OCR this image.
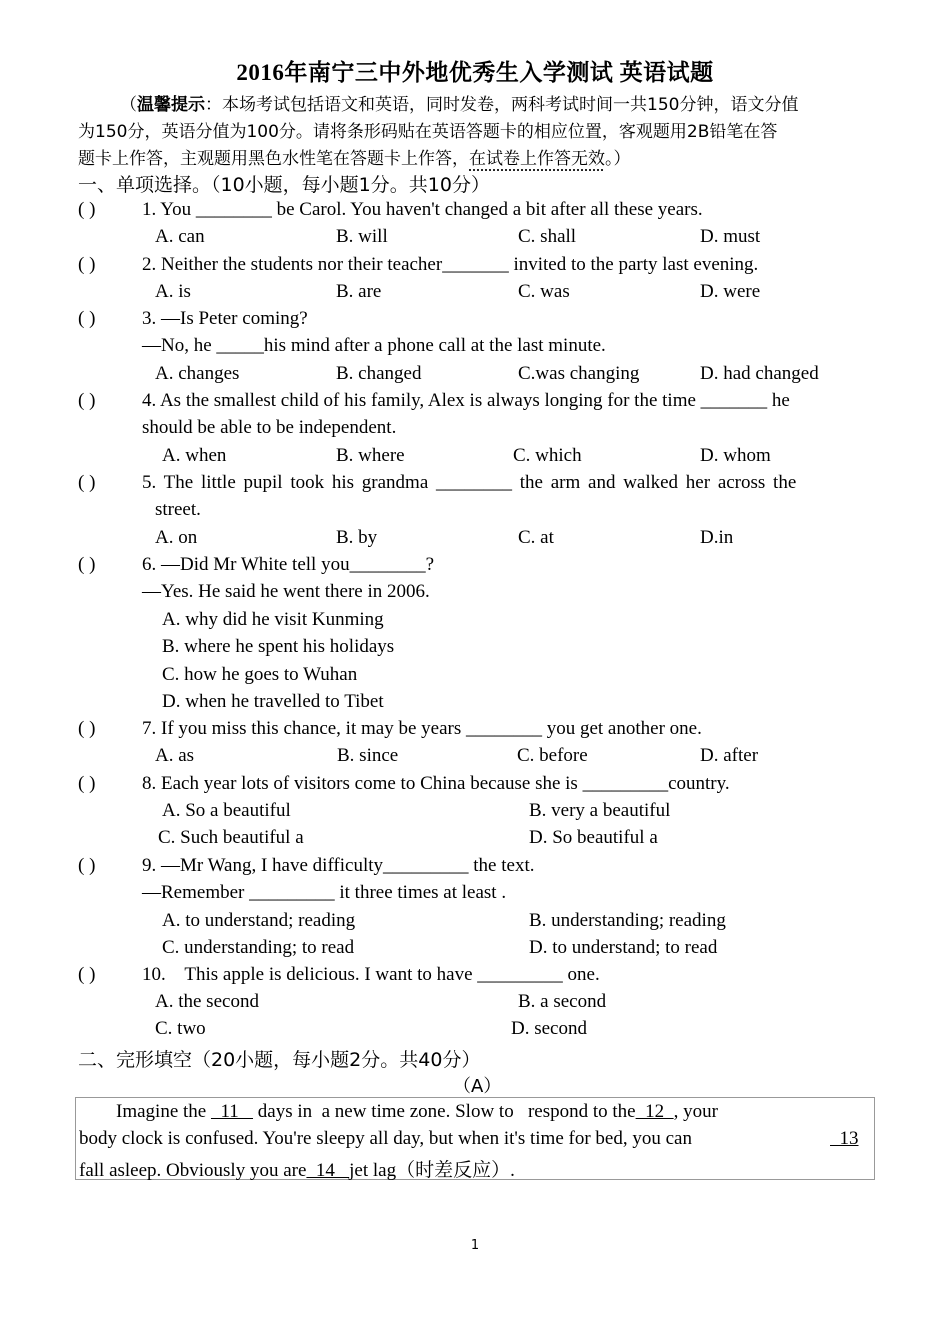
2016年南宁三中外地优秀生入学测试 英语试题
（温馨提示：本场考试包括语文和英语，同时发卷，两科考试时间一共150分钟，语文分值
为150分，英语分值为100分。请将条形码贴在英语答题卡的相应位置，客观题用2B铅笔在答
题卡上作答，主观题用黑色水性笔在答题卡上作答，在试卷上作答无效。）
一、单项选择。（10小题，每小题1分。共10分）
( ) 1. You ________ be Carol. You haven't changed a bit after all these years.
A. can	B. will	C. shall	D. must
( ) 2. Neither the students nor their teacher_______ invited to the party last evening.
A. is	B. are	C. was	D. were
( ) 3. —Is Peter coming?
—No, he _____his mind after a phone call at the last minute.
A. changes	B. changed	C.was changing	D. had changed
( ) 4. As the smallest child of his family, Alex is always longing for the time _______ he
should be able to be independent.
A. when	B. where	C. which	D. whom
( ) 5. The little pupil took his grandma ________ the arm and walked her across the
street.
A. on	B. by	C. at	D.in
( ) 6. —Did Mr White tell you________?
—Yes. He said he went there in 2006.
A. why did he visit Kunming
B. where he spent his holidays
C. how he goes to Wuhan
D. when he travelled to Tibet
( ) 7. If you miss this chance, it may be years ________ you get another one.
A. as	B. since	C. before	D. after
( ) 8. Each year lots of visitors come to China because she is _________country.
A. So a beautiful	B. very a beautiful
C. Such beautiful a	D. So beautiful a
( ) 9. —Mr Wang, I have difficulty_________ the text.
—Remember _________ it three times at least .
A. to understand; reading	B. understanding; reading
C. understanding; to read	D. to understand; to read
( ) 10.    This apple is delicious. I want to have _________ one.
A. the second	B. a second
C. two	D. second
二、完形填空（20小题，每小题2分。共40分）
（A）
Imagine the   11    days in  a new time zone. Slow to   respond to the  12  , your
body clock is confused. You're sleepy all day, but when it's time for bed, you can	13
fall asleep. Obviously you are  14   jet lag（时差反应）.
1
